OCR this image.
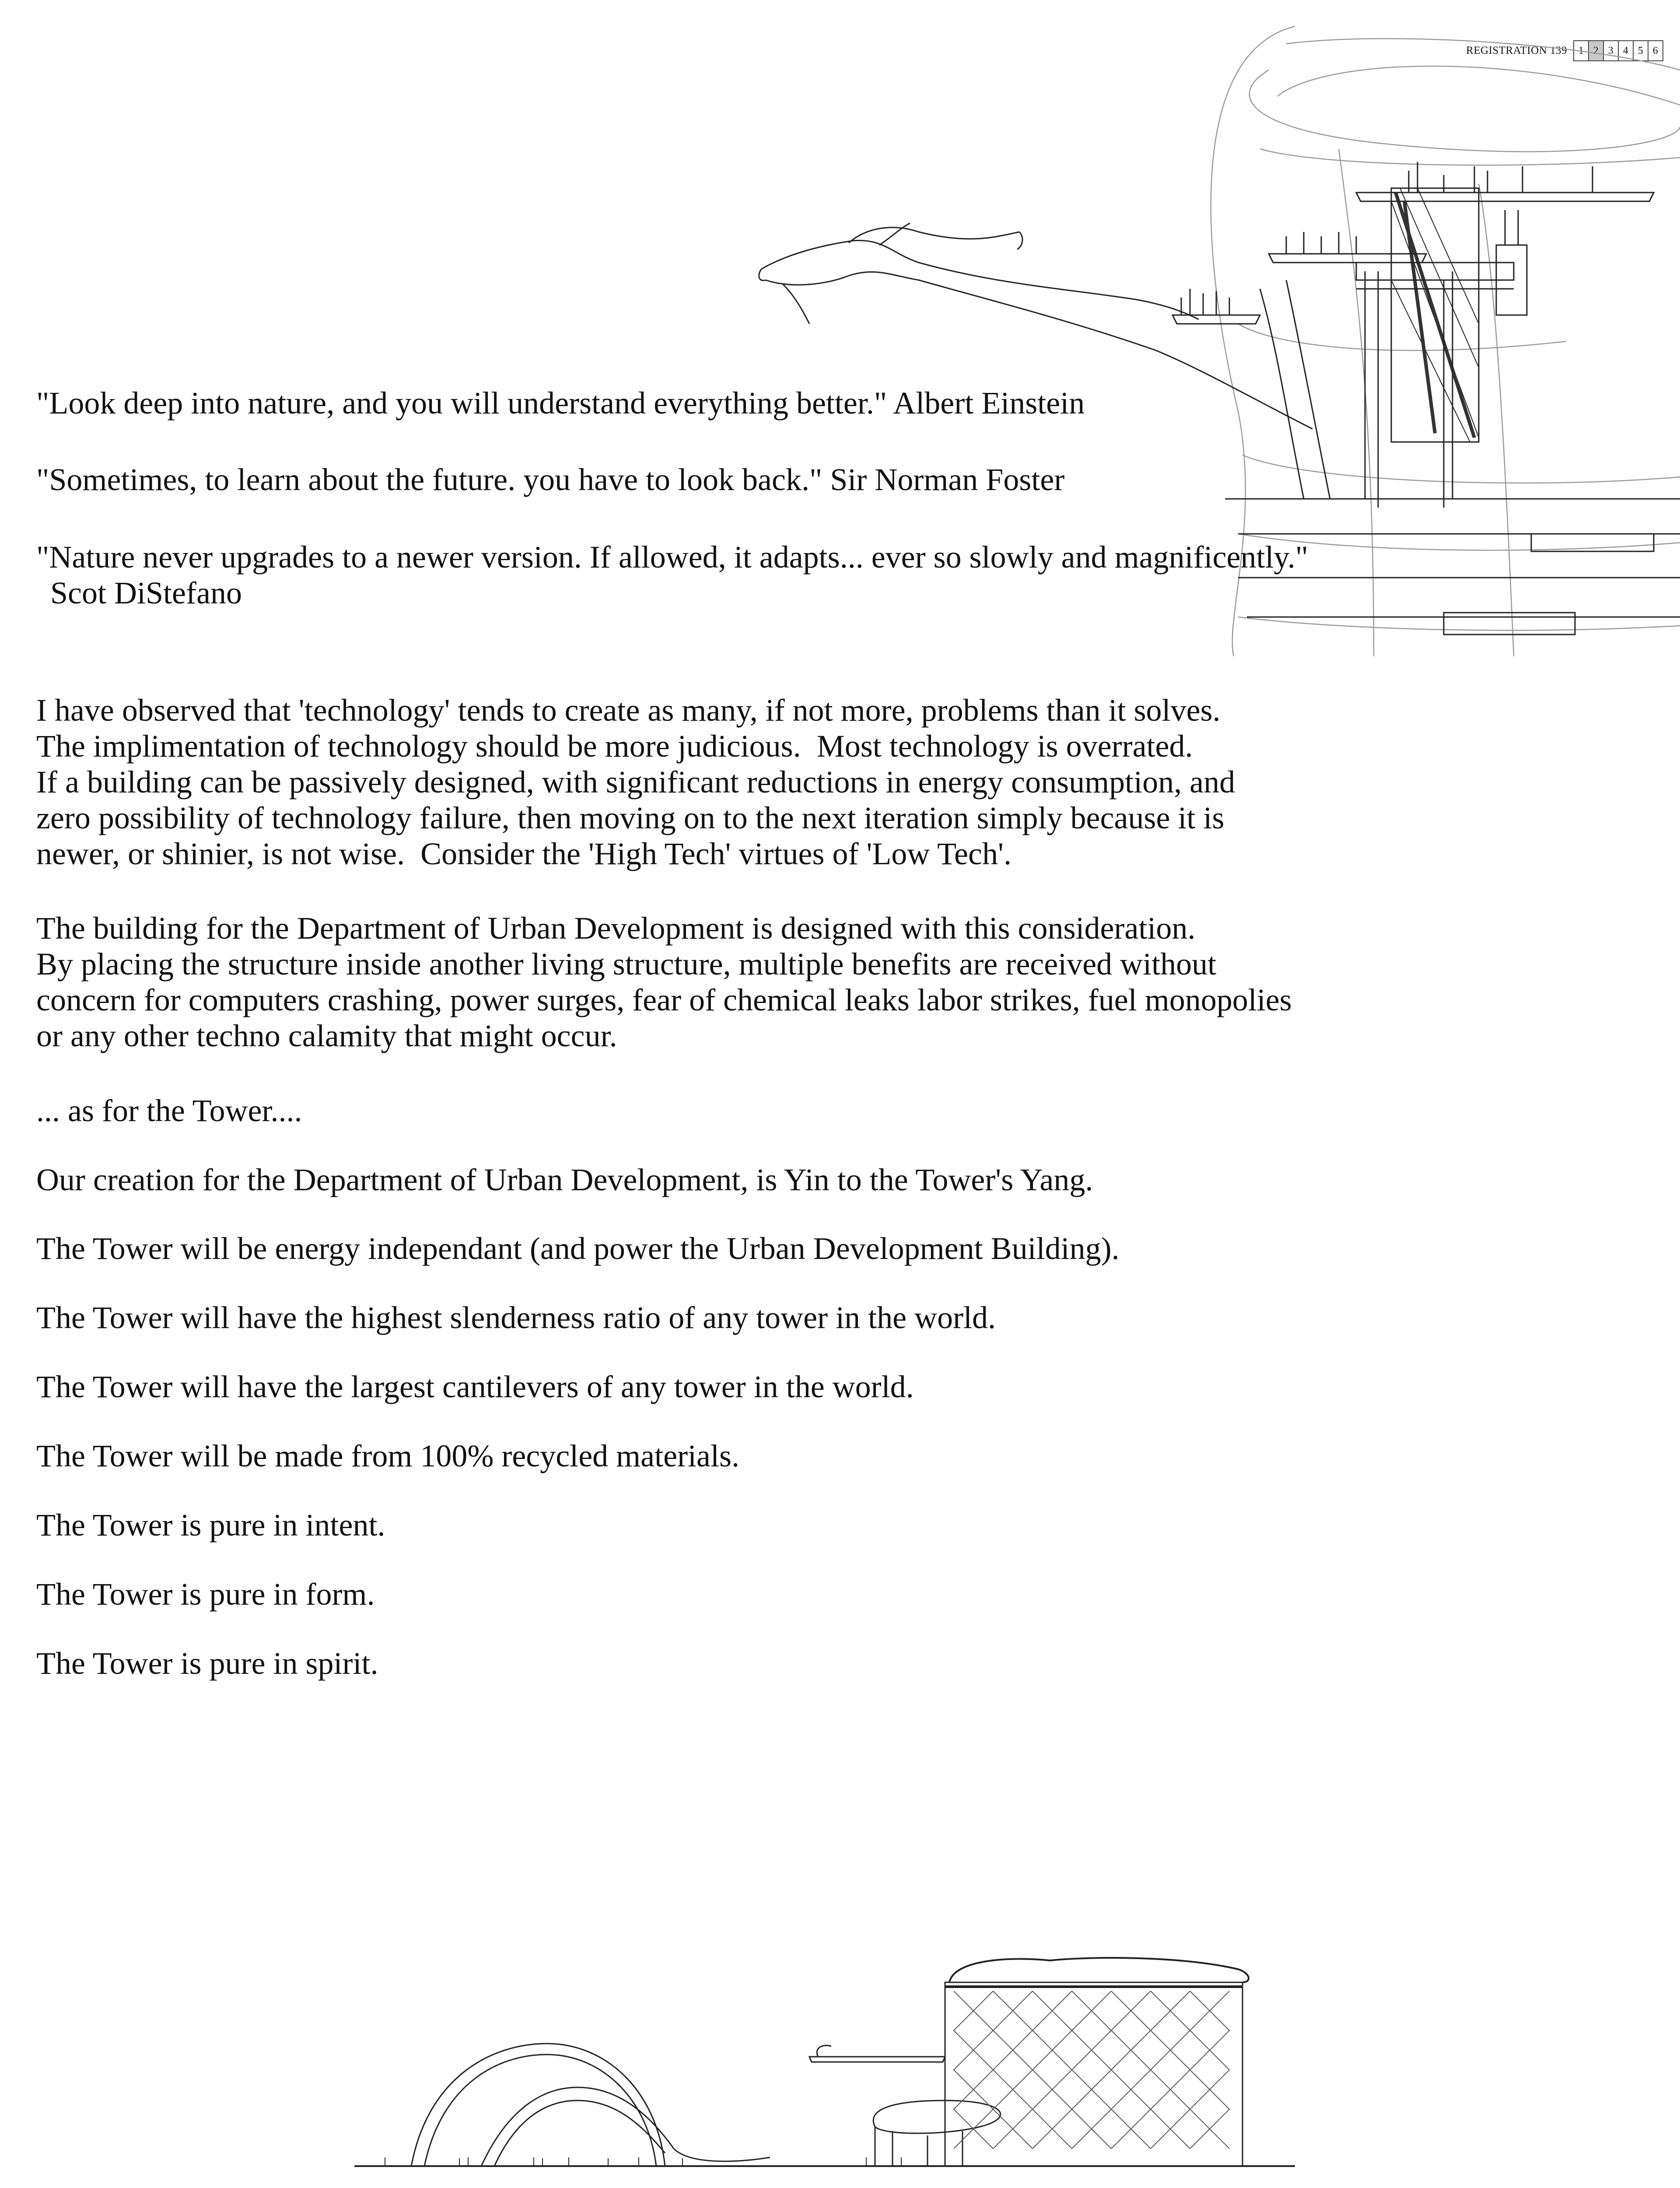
REGISTRATION 139	1 2 3 4 5 6
"Look deep into nature, and you will understand everything better." Albert Einstein
"Sometimes, to learn about the future. you have to look back." Sir Norman Foster
"Nature never upgrades to a newer version. If allowed, it adapts... ever so slowly and magnificently."
Scot DiStefano
I have observed that 'technology' tends to create as many, if not more, problems than it solves.
The implimentation of technology should be more judicious.  Most technology is overrated.
If a building can be passively designed, with significant reductions in energy consumption, and
zero possibility of technology failure, then moving on to the next iteration simply because it is
newer, or shinier, is not wise.  Consider the 'High Tech' virtues of 'Low Tech'.
The building for the Department of Urban Development is designed with this consideration.
By placing the structure inside another living structure, multiple benefits are received without
concern for computers crashing, power surges, fear of chemical leaks labor strikes, fuel monopolies
or any other techno calamity that might occur.
... as for the Tower....
Our creation for the Department of Urban Development, is Yin to the Tower's Yang.
The Tower will be energy independant (and power the Urban Development Building).
The Tower will have the highest slenderness ratio of any tower in the world.
The Tower will have the largest cantilevers of any tower in the world.
The Tower will be made from 100% recycled materials.
The Tower is pure in intent.
The Tower is pure in form.
The Tower is pure in spirit.
